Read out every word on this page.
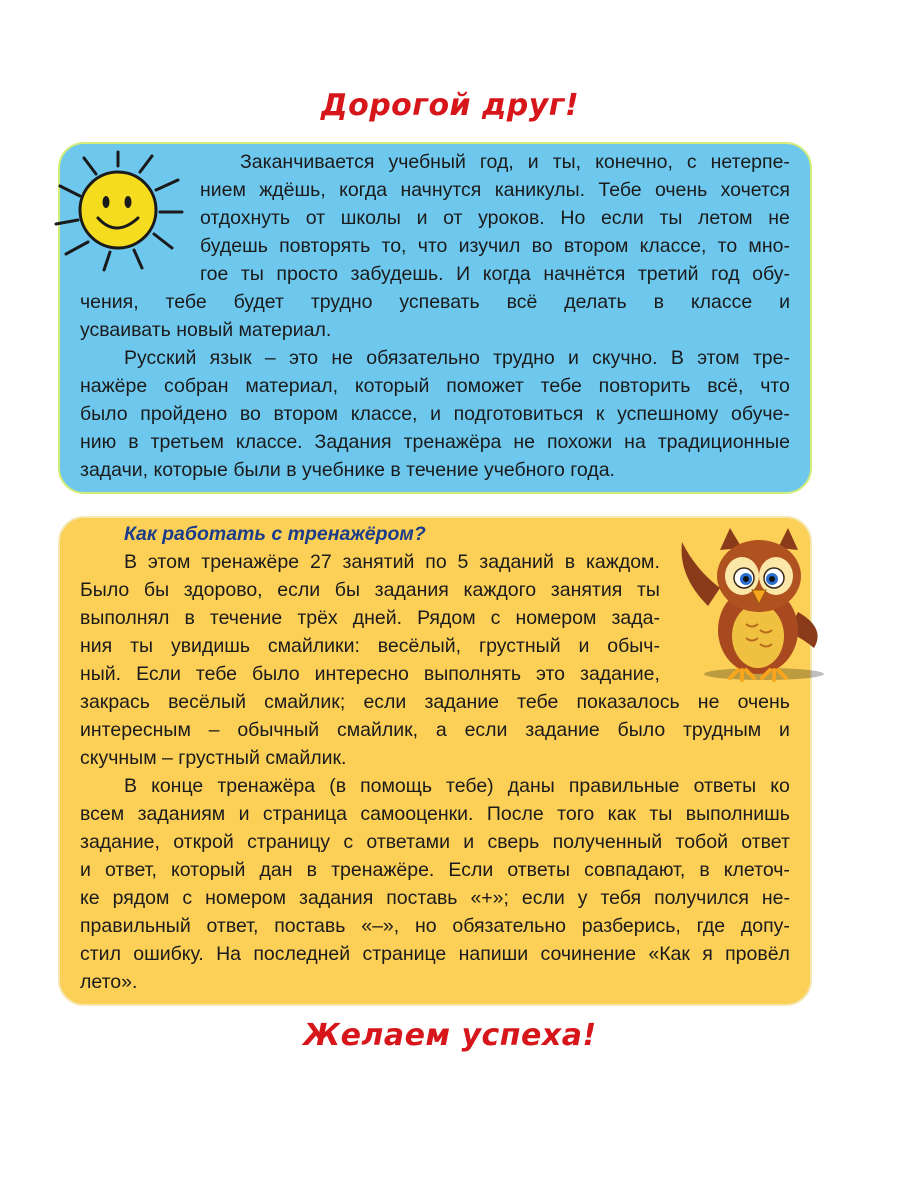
Дорогой друг!
Заканчивается учебный год, и ты, конечно, с нетерпе-
нием ждёшь, когда начнутся каникулы. Тебе очень хочется
отдохнуть от школы и от уроков. Но если ты летом не
будешь повторять то, что изучил во втором классе, то мно-
гое ты просто забудешь. И когда начнётся третий год обу-
чения, тебе будет трудно успевать всё делать в классе и
усваивать новый материал.
Русский язык – это не обязательно трудно и скучно. В этом тре-
нажёре собран материал, который поможет тебе повторить всё, что
было пройдено во втором классе, и подготовиться к успешному обуче-
нию в третьем классе. Задания тренажёра не похожи на традиционные
задачи, которые были в учебнике в течение учебного года.
Как работать с тренажёром?
В этом тренажёре 27 занятий по 5 заданий в каждом.
Было бы здорово, если бы задания каждого занятия ты
выполнял в течение трёх дней. Рядом с номером зада-
ния ты увидишь смайлики: весёлый, грустный и обыч-
ный. Если тебе было интересно выполнять это задание,
закрась весёлый смайлик; если задание тебе показалось не очень
интересным – обычный смайлик, а если задание было трудным и
скучным – грустный смайлик.
В конце тренажёра (в помощь тебе) даны правильные ответы ко
всем заданиям и страница самооценки. После того как ты выполнишь
задание, открой страницу с ответами и сверь полученный тобой ответ
и ответ, который дан в тренажёре. Если ответы совпадают, в клеточ-
ке рядом с номером задания поставь «+»; если у тебя получился не-
правильный ответ, поставь «–», но обязательно разберись, где допу-
стил ошибку. На последней странице напиши сочинение «Как я провёл
лето».
Желаем успеха!
